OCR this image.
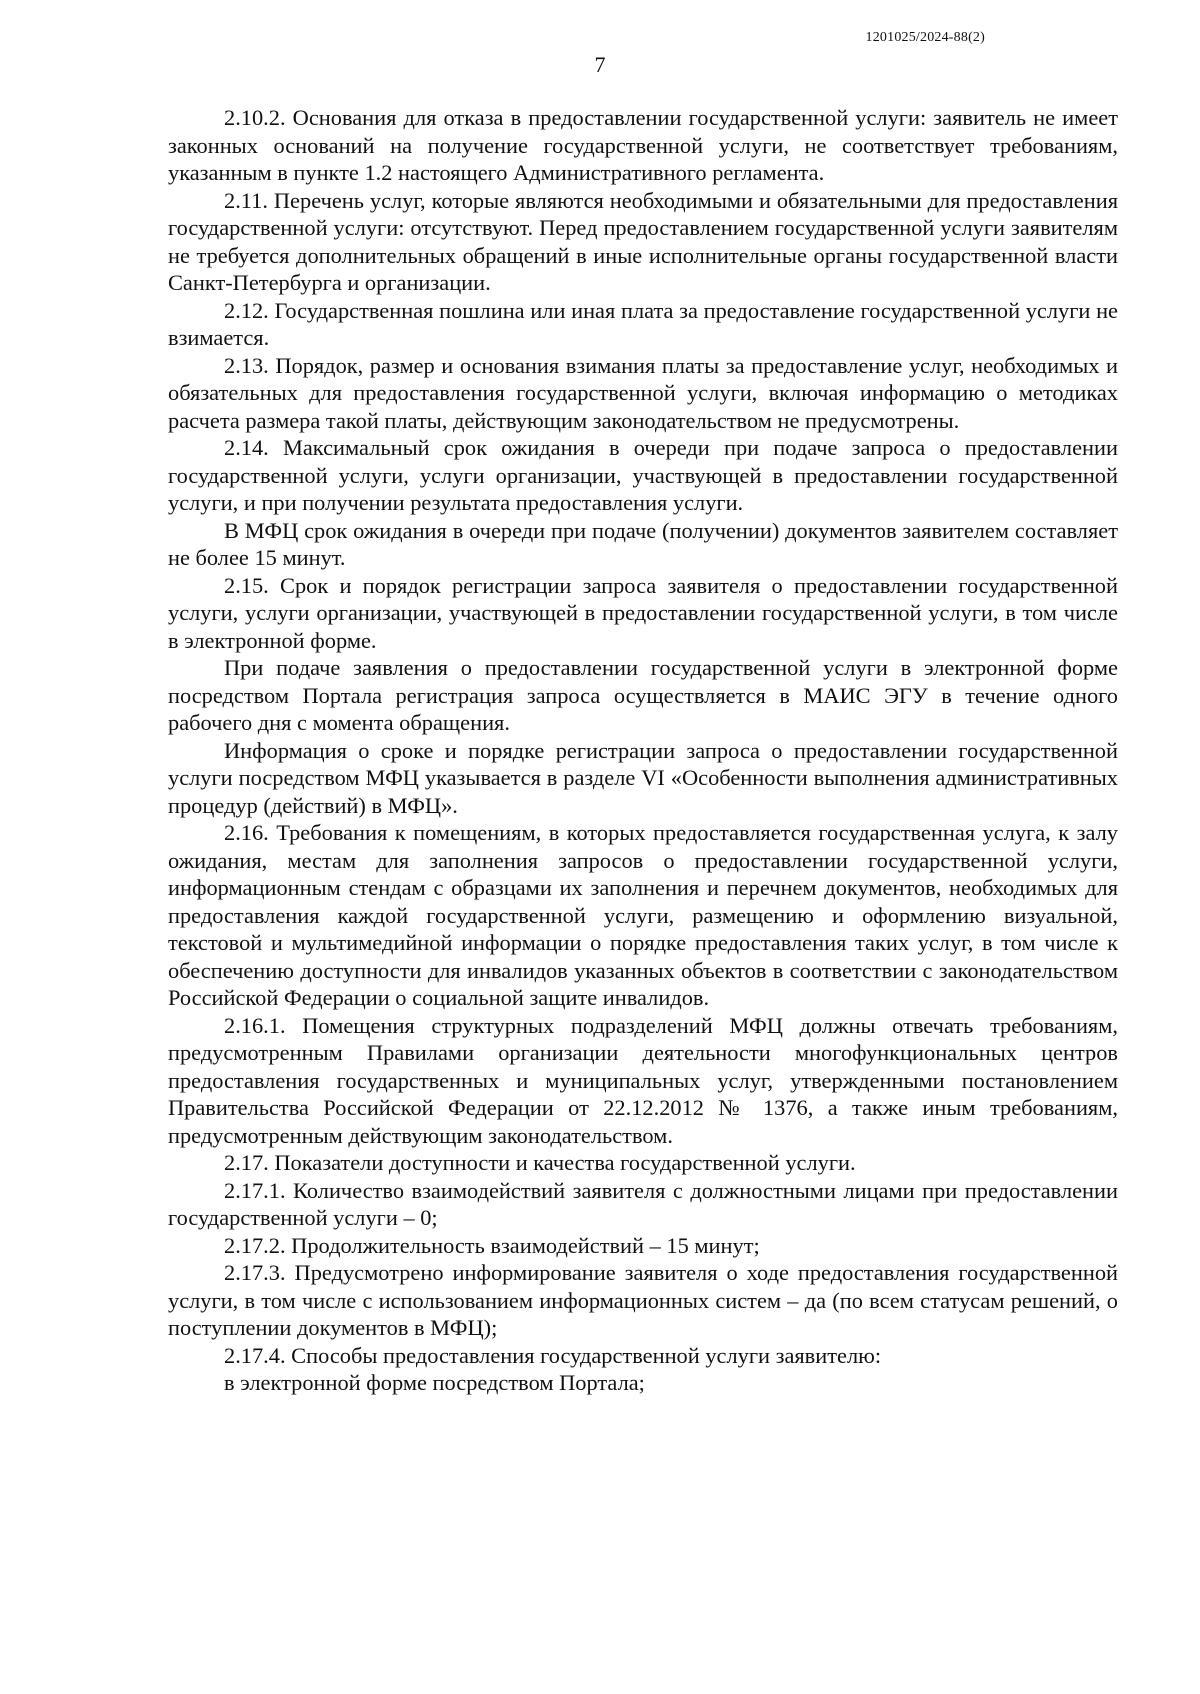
1201025/2024-88(2)
7

2.10.2. Основания для отказа в предоставлении государственной услуги: заявитель не имеет законных оснований на получение государственной услуги, не соответствует требованиям, указанным в пункте 1.2 настоящего Административного регламента.

2.11. Перечень услуг, которые являются необходимыми и обязательными для предоставления государственной услуги: отсутствуют. Перед предоставлением государственной услуги заявителям не требуется дополнительных обращений в иные исполнительные органы государственной власти Санкт-Петербурга и организации.

2.12. Государственная пошлина или иная плата за предоставление государственной услуги не взимается.

2.13. Порядок, размер и основания взимания платы за предоставление услуг, необходимых и обязательных для предоставления государственной услуги, включая информацию о методиках расчета размера такой платы, действующим законодательством не предусмотрены.

2.14. Максимальный срок ожидания в очереди при подаче запроса о предоставлении государственной услуги, услуги организации, участвующей в предоставлении государственной услуги, и при получении результата предоставления услуги.

В МФЦ срок ожидания в очереди при подаче (получении) документов заявителем составляет не более 15 минут.

2.15. Срок и порядок регистрации запроса заявителя о предоставлении государственной услуги, услуги организации, участвующей в предоставлении государственной услуги, в том числе в электронной форме.

При подаче заявления о предоставлении государственной услуги в электронной форме посредством Портала регистрация запроса осуществляется в МАИС ЭГУ в течение одного рабочего дня с момента обращения.

Информация о сроке и порядке регистрации запроса о предоставлении государственной услуги посредством МФЦ указывается в разделе VI «Особенности выполнения административных процедур (действий) в МФЦ».

2.16. Требования к помещениям, в которых предоставляется государственная услуга, к залу ожидания, местам для заполнения запросов о предоставлении государственной услуги, информационным стендам с образцами их заполнения и перечнем документов, необходимых для предоставления каждой государственной услуги, размещению и оформлению визуальной, текстовой и мультимедийной информации о порядке предоставления таких услуг, в том числе к обеспечению доступности для инвалидов указанных объектов в соответствии с законодательством Российской Федерации о социальной защите инвалидов.

2.16.1. Помещения структурных подразделений МФЦ должны отвечать требованиям, предусмотренным Правилами организации деятельности многофункциональных центров предоставления государственных и муниципальных услуг, утвержденными постановлением Правительства Российской Федерации от 22.12.2012 № 1376, а также иным требованиям, предусмотренным действующим законодательством.

2.17. Показатели доступности и качества государственной услуги.

2.17.1. Количество взаимодействий заявителя с должностными лицами при предоставлении государственной услуги – 0;

2.17.2. Продолжительность взаимодействий – 15 минут;

2.17.3. Предусмотрено информирование заявителя о ходе предоставления государственной услуги, в том числе с использованием информационных систем – да (по всем статусам решений, о поступлении документов в МФЦ);

2.17.4. Способы предоставления государственной услуги заявителю:

в электронной форме посредством Портала;
